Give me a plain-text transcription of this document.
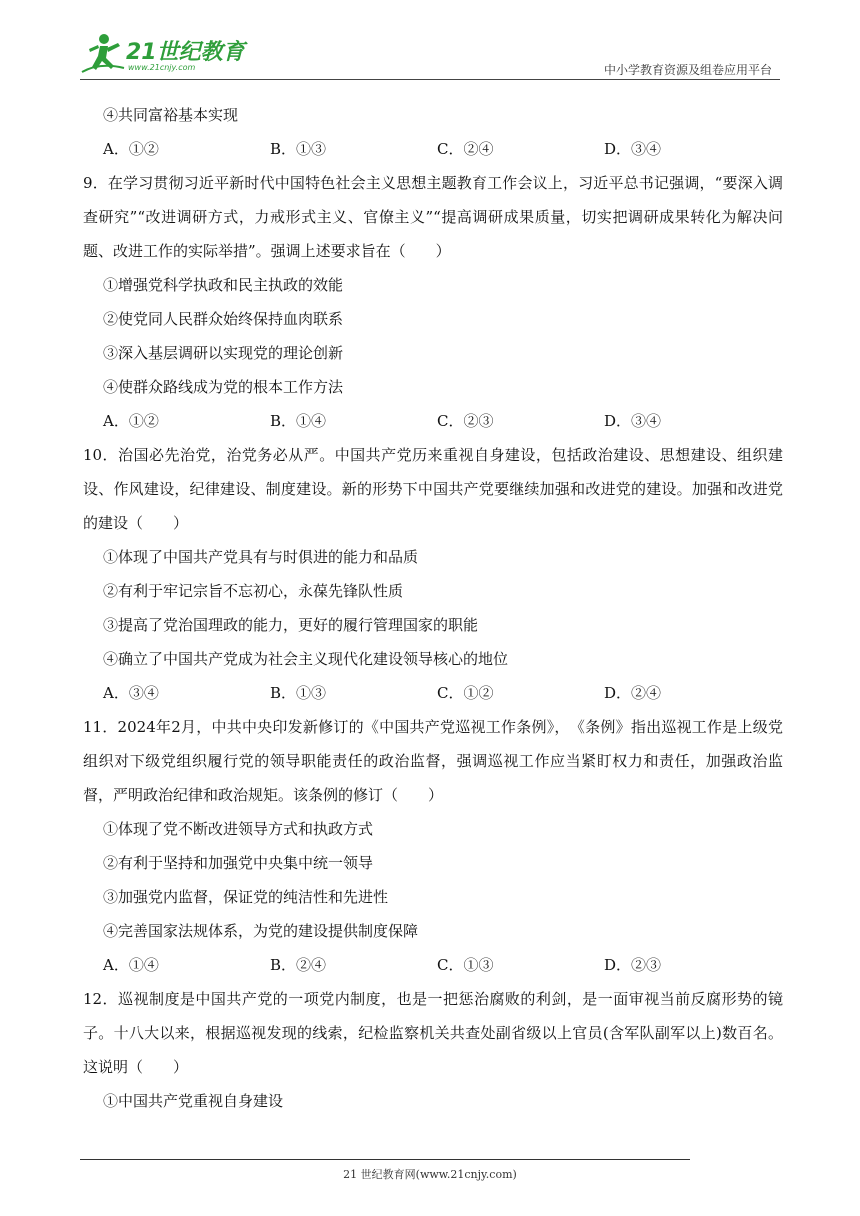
21世纪教育
www.21cnjy.com	中小学教育资源及组卷应用平台
④共同富裕基本实现
A．①②	B．①③	C．②④	D．③④
9．在学习贯彻习近平新时代中国特色社会主义思想主题教育工作会议上，习近平总书记强调，“要深入调查研究”“改进调研方式，力戒形式主义、官僚主义”“提高调研成果质量，切实把调研成果转化为解决问题、改进工作的实际举措”。强调上述要求旨在（　　）
①增强党科学执政和民主执政的效能
②使党同人民群众始终保持血肉联系
③深入基层调研以实现党的理论创新
④使群众路线成为党的根本工作方法
A．①②	B．①④	C．②③	D．③④
10．治国必先治党，治党务必从严。中国共产党历来重视自身建设，包括政治建设、思想建设、组织建设、作风建设，纪律建设、制度建设。新的形势下中国共产党要继续加强和改进党的建设。加强和改进党的建设（　　）
①体现了中国共产党具有与时俱进的能力和品质
②有利于牢记宗旨不忘初心，永葆先锋队性质
③提高了党治国理政的能力，更好的履行管理国家的职能
④确立了中国共产党成为社会主义现代化建设领导核心的地位
A．③④	B．①③	C．①②	D．②④
11．2024年2月，中共中央印发新修订的《中国共产党巡视工作条例》，　《条例》指出巡视工作是上级党组织对下级党组织履行党的领导职能责任的政治监督，强调巡视工作应当紧盯权力和责任，加强政治监督，严明政治纪律和政治规矩。该条例的修订（　　）
①体现了党不断改进领导方式和执政方式
②有利于坚持和加强党中央集中统一领导
③加强党内监督，保证党的纯洁性和先进性
④完善国家法规体系，为党的建设提供制度保障
A．①④	B．②④	C．①③	D．②③
12．巡视制度是中国共产党的一项党内制度，也是一把惩治腐败的利剑，是一面审视当前反腐形势的镜子。十八大以来，根据巡视发现的线索，纪检监察机关共查处副省级以上官员(含军队副军以上)数百名。这说明（　　）
①中国共产党重视自身建设
21 世纪教育网(www.21cnjy.com)
